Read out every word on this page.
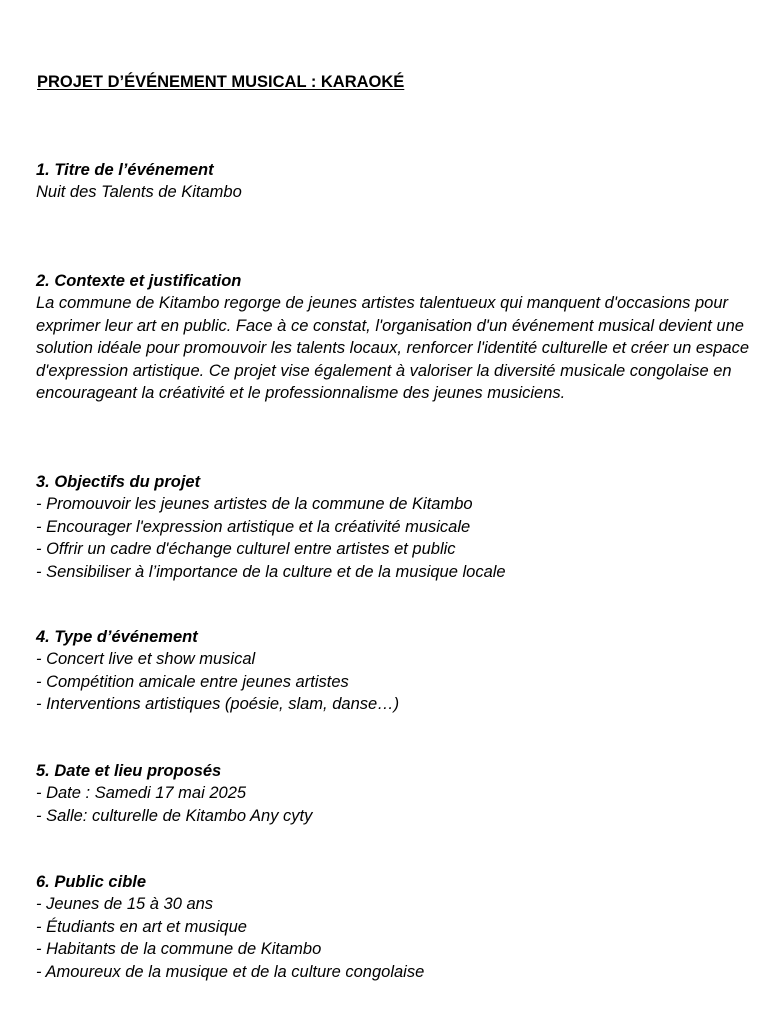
PROJET D’ÉVÉNEMENT MUSICAL : KARAOKÉ
1. Titre de l’événement

Nuit des Talents de Kitambo

2. Contexte et justification

La commune de Kitambo regorge de jeunes artistes talentueux qui manquent d'occasions pour exprimer leur art en public. Face à ce constat, l'organisation d'un événement musical devient une solution idéale pour promouvoir les talents locaux, renforcer l'identité culturelle et créer un espace d'expression artistique. Ce projet vise également à valoriser la diversité musicale congolaise en encourageant la créativité et le professionnalisme des jeunes musiciens.

3. Objectifs du projet
- Promouvoir les jeunes artistes de la commune de Kitambo
- Encourager l'expression artistique et la créativité musicale
- Offrir un cadre d'échange culturel entre artistes et public
- Sensibiliser à l’importance de la culture et de la musique locale
4. Type d’événement
- Concert live et show musical
- Compétition amicale entre jeunes artistes
- Interventions artistiques (poésie, slam, danse…)
5. Date et lieu proposés
- Date : Samedi 17 mai 2025
- Salle: culturelle de Kitambo Any cyty
6. Public cible
- Jeunes de 15 à 30 ans
- Étudiants en art et musique
- Habitants de la commune de Kitambo
- Amoureux de la musique et de la culture congolaise
